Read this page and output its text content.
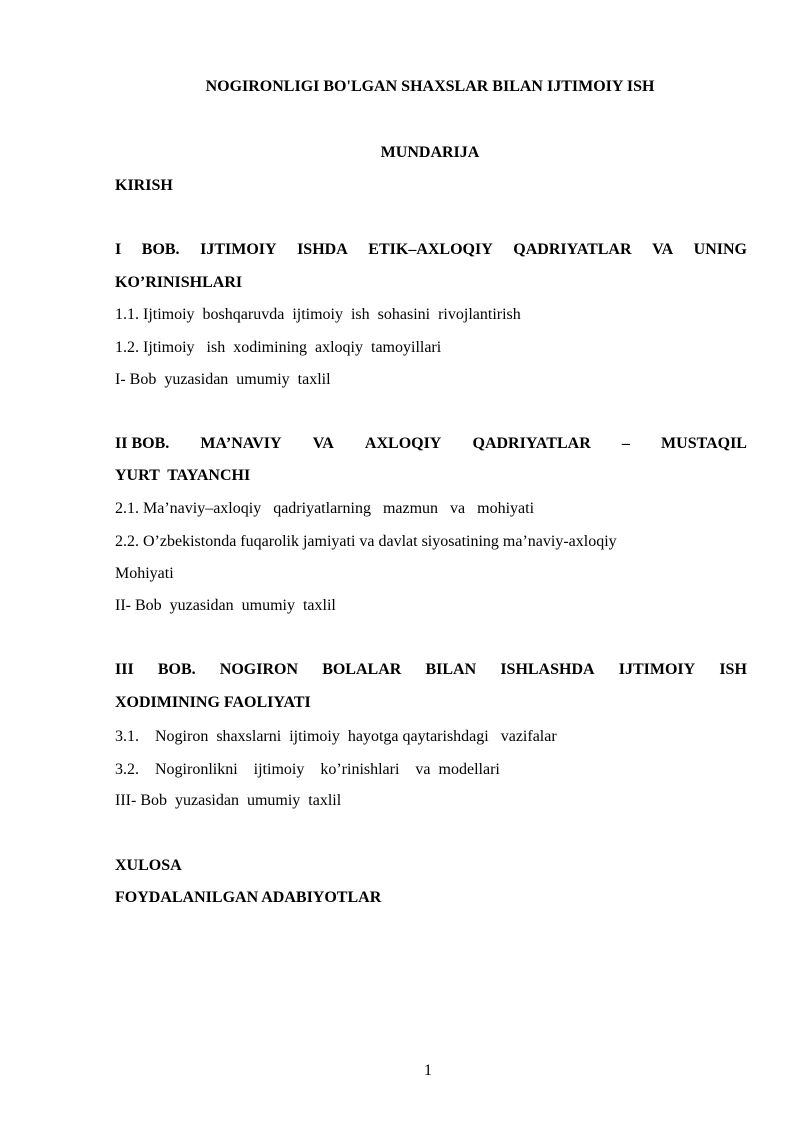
NOGIRONLIGI BO'LGAN SHAXSLAR BILAN IJTIMOIY ISH
MUNDARIJA
KIRISH
I BOB. IJTIMOIY ISHDA ETIK–AXLOQIY QADRIYATLAR VA UNING
KO’RINISHLARI
1.1. Ijtimoiy  boshqaruvda  ijtimoiy  ish  sohasini  rivojlantirish
1.2. Ijtimoiy   ish  xodimining  axloqiy  tamoyillari
I- Bob  yuzasidan  umumiy  taxlil
II BOB. MA’NAVIY VA AXLOQIY QADRIYATLAR – MUSTAQIL
YURT  TAYANCHI
2.1. Ma’naviy–axloqiy   qadriyatlarning   mazmun   va   mohiyati
2.2. O’zbekistonda fuqarolik jamiyati va davlat siyosatining ma’naviy-axloqiy
Mohiyati
II- Bob  yuzasidan  umumiy  taxlil
III BOB. NOGIRON BOLALAR BILAN ISHLASHDA IJTIMOIY ISH
XODIMINING FAOLIYATI
3.1.    Nogiron  shaxslarni  ijtimoiy  hayotga qaytarishdagi   vazifalar
3.2.    Nogironlikni    ijtimoiy    ko’rinishlari    va  modellari
III- Bob  yuzasidan  umumiy  taxlil
XULOSA
FOYDALANILGAN ADABIYOTLAR
1
